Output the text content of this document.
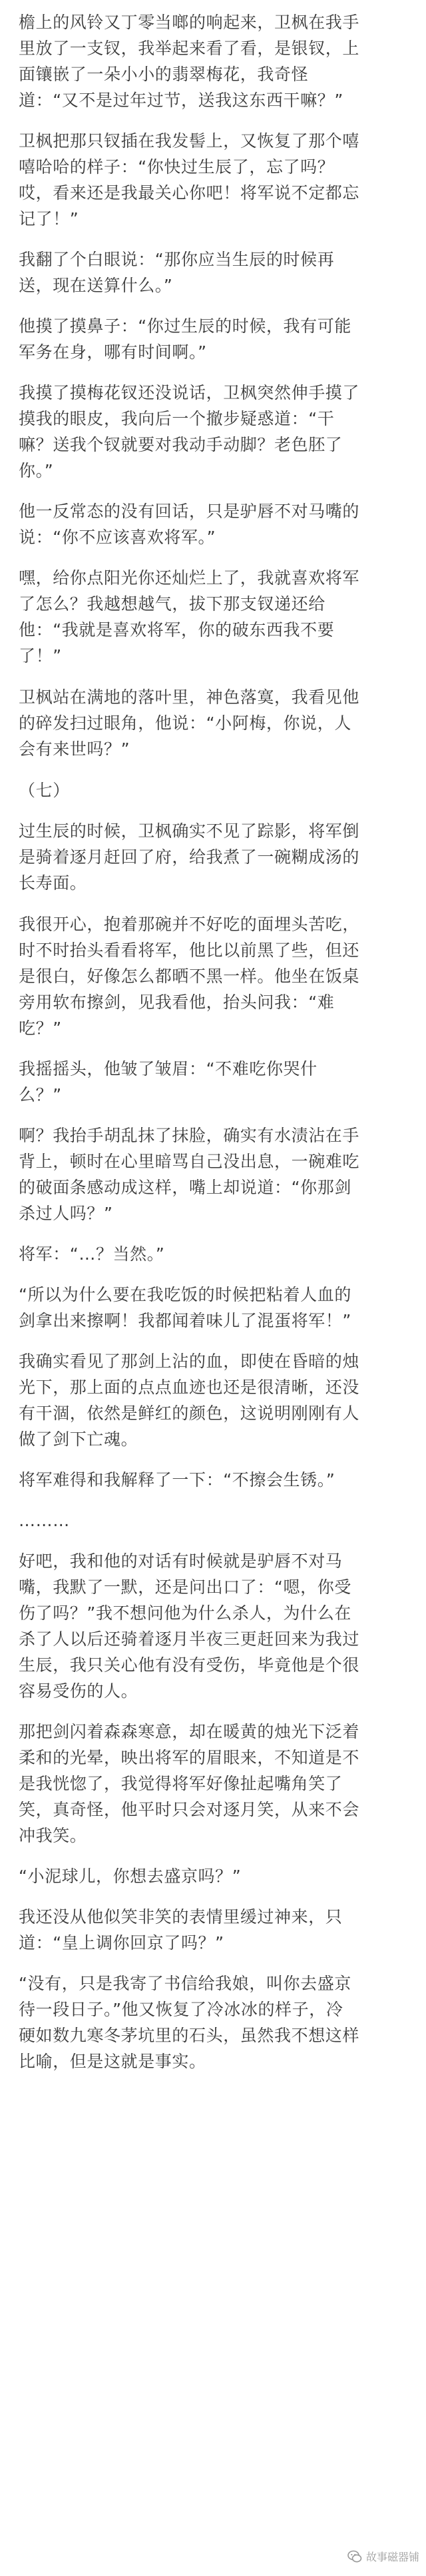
檐上的风铃又丁零当啷的响起来，卫枫在我手
里放了一支钗，我举起来看了看，是银钗，上
面镶嵌了一朵小小的翡翠梅花，我奇怪
道：“又不是过年过节，送我这东西干嘛？”

卫枫把那只钗插在我发髻上，又恢复了那个嘻
嘻哈哈的样子：“你快过生辰了，忘了吗？
哎，看来还是我最关心你吧！将军说不定都忘
记了！”

我翻了个白眼说：“那你应当生辰的时候再
送，现在送算什么。”

他摸了摸鼻子：“你过生辰的时候，我有可能
军务在身，哪有时间啊。”

我摸了摸梅花钗还没说话，卫枫突然伸手摸了
摸我的眼皮，我向后一个撤步疑惑道：“干
嘛？送我个钗就要对我动手动脚？老色胚了
你。”

他一反常态的没有回话，只是驴唇不对马嘴的
说：“你不应该喜欢将军。”

嘿，给你点阳光你还灿烂上了，我就喜欢将军
了怎么？我越想越气，拔下那支钗递还给
他：“我就是喜欢将军，你的破东西我不要
了！”

卫枫站在满地的落叶里，神色落寞，我看见他
的碎发扫过眼角，他说：“小阿梅，你说，人
会有来世吗？”

（七）

过生辰的时候，卫枫确实不见了踪影，将军倒
是骑着逐月赶回了府，给我煮了一碗糊成汤的
长寿面。

我很开心，抱着那碗并不好吃的面埋头苦吃，
时不时抬头看看将军，他比以前黑了些，但还
是很白，好像怎么都晒不黑一样。他坐在饭桌
旁用软布擦剑，见我看他，抬头问我：“难
吃？”

我摇摇头，他皱了皱眉：“不难吃你哭什
么？”

啊？我抬手胡乱抹了抹脸，确实有水渍沾在手
背上，顿时在心里暗骂自己没出息，一碗难吃
的破面条感动成这样，嘴上却说道：“你那剑
杀过人吗？”

将军：“…？当然。”

“所以为什么要在我吃饭的时候把粘着人血的
剑拿出来擦啊！我都闻着味儿了混蛋将军！”

我确实看见了那剑上沾的血，即使在昏暗的烛
光下，那上面的点点血迹也还是很清晰，还没
有干涸，依然是鲜红的颜色，这说明刚刚有人
做了剑下亡魂。

将军难得和我解释了一下：“不擦会生锈。”

………

好吧，我和他的对话有时候就是驴唇不对马
嘴，我默了一默，还是问出口了：“嗯，你受
伤了吗？”我不想问他为什么杀人，为什么在
杀了人以后还骑着逐月半夜三更赶回来为我过
生辰，我只关心他有没有受伤，毕竟他是个很
容易受伤的人。

那把剑闪着森森寒意，却在暖黄的烛光下泛着
柔和的光晕，映出将军的眉眼来，不知道是不
是我恍惚了，我觉得将军好像扯起嘴角笑了
笑，真奇怪，他平时只会对逐月笑，从来不会
冲我笑。

“小泥球儿，你想去盛京吗？”

我还没从他似笑非笑的表情里缓过神来，只
道：“皇上调你回京了吗？”

“没有，只是我寄了书信给我娘，叫你去盛京
待一段日子。”他又恢复了冷冰冰的样子，冷
硬如数九寒冬茅坑里的石头，虽然我不想这样
比喻，但是这就是事实。

故事磁器铺
